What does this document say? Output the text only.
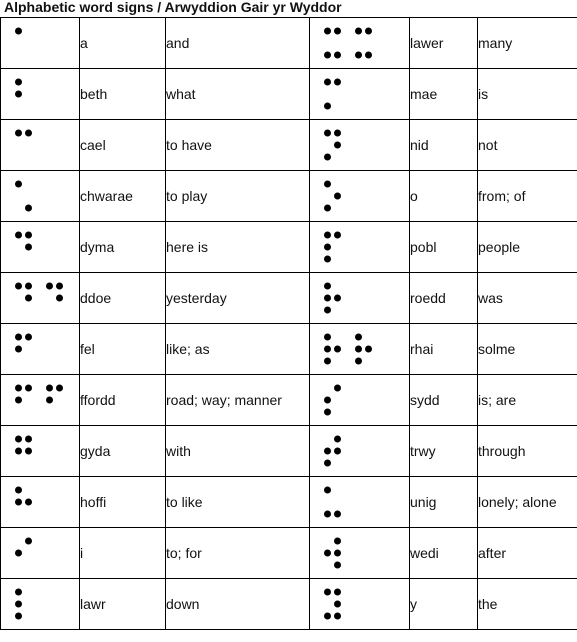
Alphabetic word signs / Arwyddion Gair yr Wyddor
	a	and		lawer	many

	beth	what		mae	is

	cael	to have		nid	not

	chwarae	to play		o	from; of

	dyma	here is		pobl	people

	ddoe	yesterday		roedd	was

	fel	like; as		rhai	solme

	ffordd	road; way; manner		sydd	is; are

	gyda	with		trwy	through

	hoffi	to like		unig	lonely; alone

	i	to; for		wedi	after

	lawr	down		y	the
